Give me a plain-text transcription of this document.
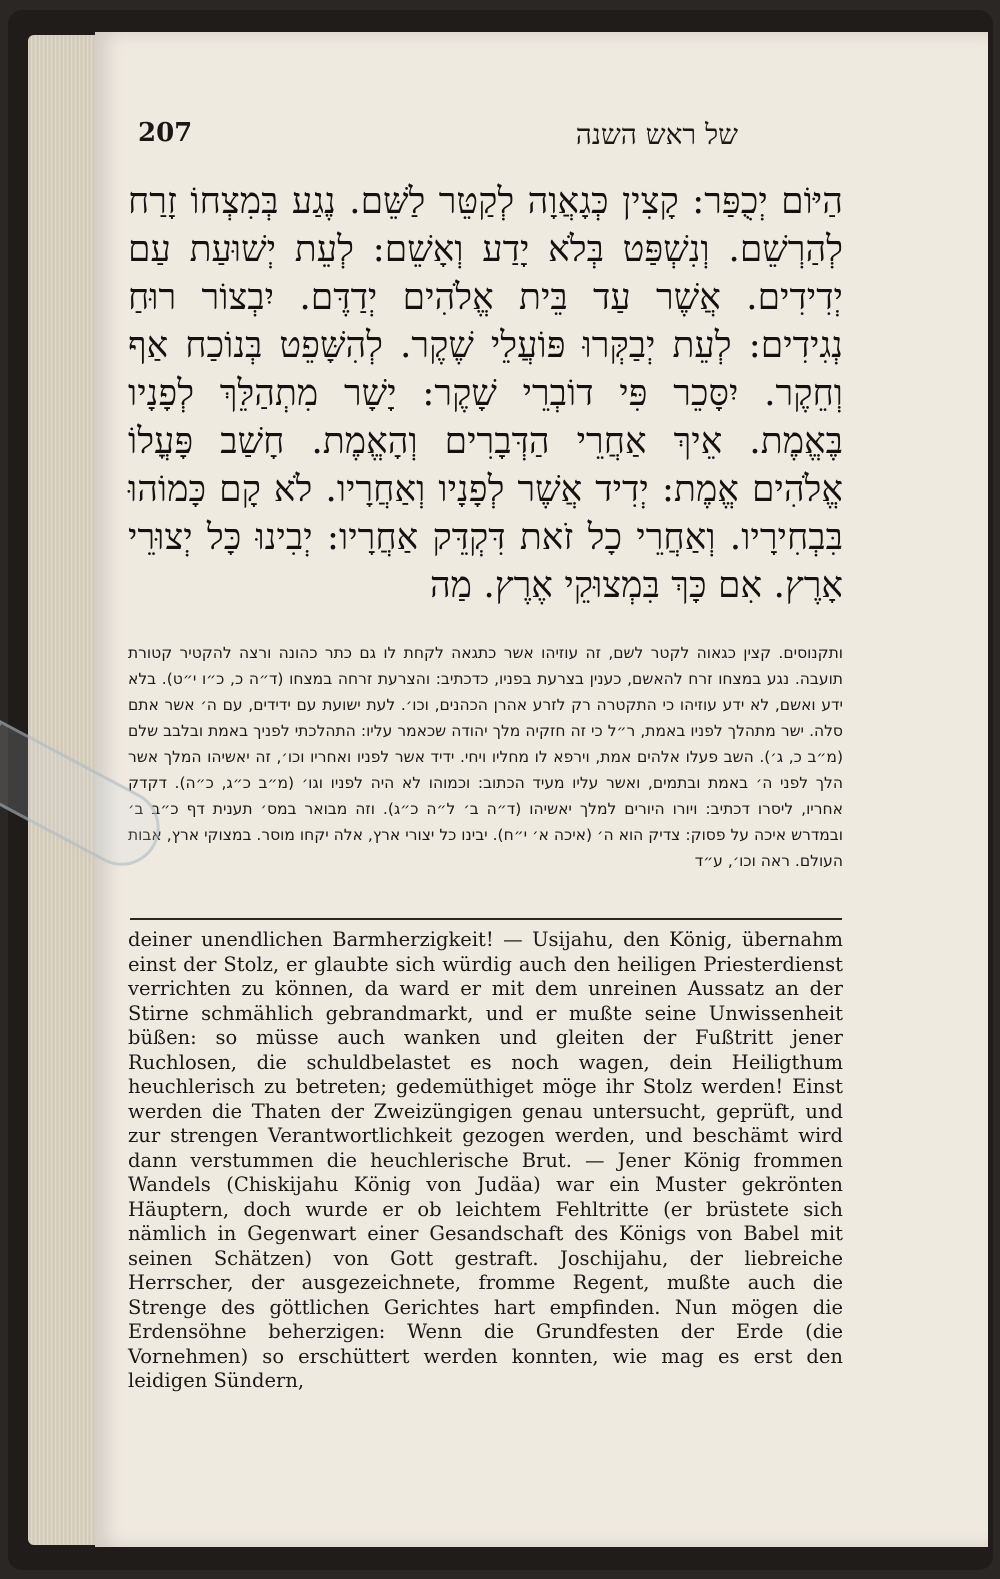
207	של ראש השנה

הַיּוֹם יְכֻפַּר: קָצִין כְּגָאֲוָה לְקַטֵּר לַשֵּׁם. נֶגַע בְּמִצְחוֹ זָרַח לְהַרְשֵׁם. וְנִשְׁפַּט בְּלֹא יָדַע וְאָשֵׁם: לְעֵת יְשׁוּעַת עַם יְדִידִים. אֲשֶׁר עַד בֵּית אֱלֹהִים יְדַדֶּם. יִבְצוֹר רוּחַ נְגִידִים: לְעֵת יְבַקְּרוּ פּוֹעֲלֵי שֶׁקֶר. לְהִשָּׁפֵט בְּנוֹכַח אַף וְחֵקֶר. יִסָּכֵר פִּי דוֹבְרֵי שָׁקֶר: יָשָׁר מִתְהַלֵּךְ לְפָנָיו בֶּאֱמֶת. אֵיךְ אַחֲרֵי הַדְּבָרִים וְהָאֱמֶת. חָשַׁב פָּעֳלוֹ אֱלֹהִים אֱמֶת: יְדִיד אֲשֶׁר לְפָנָיו וְאַחֲרָיו. לֹא קָם כָּמוֹהוּ בִּבְחִירָיו. וְאַחֲרֵי כָל זֹאת דִּקְדֵּק אַחֲרָיו: יְבִינוּ כָּל יְצוּרֵי אָרֶץ. אִם כָּךְ בִּמְצוּקֵי אֶרֶץ. מַה

ותקנוסים. קצין כגאוה לקטר לשם, זה עוזיהו אשר כתגאה לקחת לו גם כתר כהונה ורצה להקטיר קטורת תועבה. נגע במצחו זרח להאשם, כענין בצרעת בפניו, כדכתיב: והצרעת זרחה במצחו (ד״ה כ, כ״ו י״ט). בלא ידע ואשם, לא ידע עוזיהו כי התקטרה רק לזרע אהרן הכהנים, וכו׳. לעת ישועת עם ידידים, עם ה׳ אשר אתם סלה. ישר מתהלך לפניו באמת, ר״ל כי זה חזקיה מלך יהודה שכאמר עליו: התהלכתי לפניך באמת ובלבב שלם (מ״ב כ, ג׳). השב פעלו אלהים אמת, וירפא לו מחליו ויחי. ידיד אשר לפניו ואחריו וכו׳, זה יאשיהו המלך אשר הלך לפני ה׳ באמת ובתמים, ואשר עליו מעיד הכתוב: וכמוהו לא היה לפניו וגו׳ (מ״ב כ״ג, כ״ה). דקדק אחריו, ליסרו דכתיב: ויורו היורים למלך יאשיהו (ד״ה ב׳ ל״ה כ״ג). וזה מבואר במס׳ תענית דף כ״ב ב׳ ובמדרש איכה על פסוק: צדיק הוא ה׳ (איכה א׳ י״ח). יבינו כל יצורי ארץ, אלה יקחו מוסר. במצוקי ארץ, אבות העולם. ראה וכו׳, ע״ד

deiner unendlichen Barmherzigkeit! — Usijahu, den König, übernahm einst der Stolz, er glaubte sich würdig auch den heiligen Priesterdienst verrichten zu können, da ward er mit dem unreinen Aussatz an der Stirne schmählich gebrandmarkt, und er mußte seine Unwissenheit büßen: so müsse auch wanken und gleiten der Fußtritt jener Ruchlosen, die schuldbelastet es noch wagen, dein Heiligthum heuchlerisch zu betreten; gedemüthiget möge ihr Stolz werden! Einst werden die Thaten der Zweizüngigen genau untersucht, geprüft, und zur strengen Verantwortlichkeit gezogen werden, und beschämt wird dann verstummen die heuchlerische Brut. — Jener König frommen Wandels (Chiskijahu König von Judäa) war ein Muster gekrönten Häuptern, doch wurde er ob leichtem Fehltritte (er brüstete sich nämlich in Gegenwart einer Gesandschaft des Königs von Babel mit seinen Schätzen) von Gott gestraft. Joschijahu, der liebreiche Herrscher, der ausgezeichnete, fromme Regent, mußte auch die Strenge des göttlichen Gerichtes hart empfinden. Nun mögen die Erdensöhne beherzigen: Wenn die Grundfesten der Erde (die Vornehmen) so erschüttert werden konnten, wie mag es erst den leidigen Sündern,
